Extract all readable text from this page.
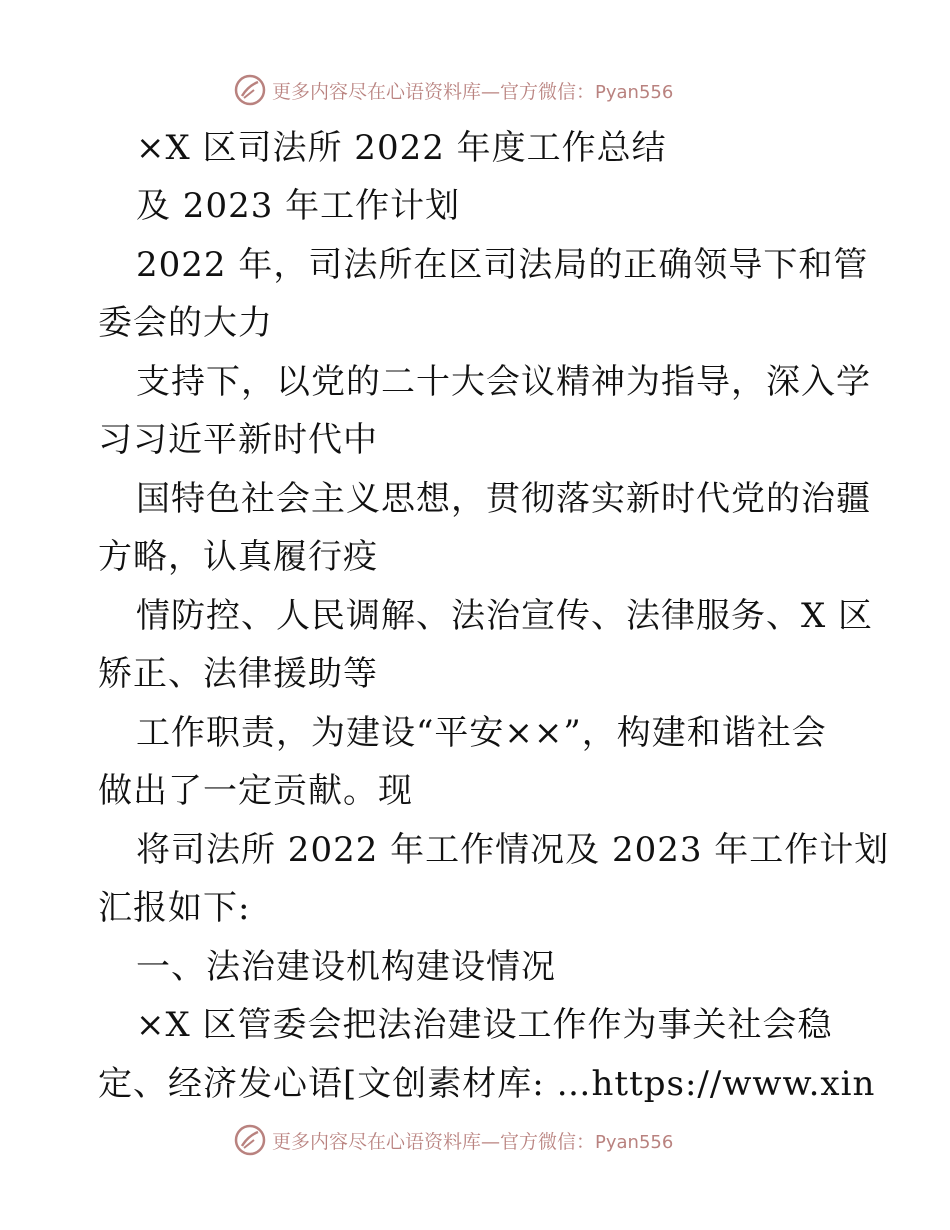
更多内容尽在心语资料库—官方微信：Pyan556
×X 区司法所 2022 年度工作总结
及 2023 年工作计划
2022 年，司法所在区司法局的正确领导下和管
委会的大力
支持下，以党的二十大会议精神为指导，深入学
习习近平新时代中
国特色社会主义思想，贯彻落实新时代党的治疆
方略，认真履行疫
情防控、人民调解、法治宣传、法律服务、X 区
矫正、法律援助等
工作职责，为建设“平安××”，构建和谐社会
做出了一定贡献。现
将司法所 2022 年工作情况及 2023 年工作计划
汇报如下:
一、法治建设机构建设情况
×X 区管委会把法治建设工作作为事关社会稳
定、经济发心语[文创素材库: …https://www.xin
更多内容尽在心语资料库—官方微信：Pyan556
